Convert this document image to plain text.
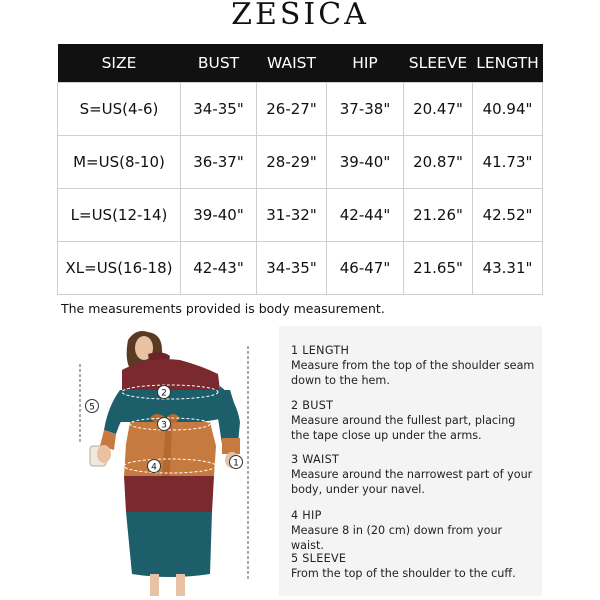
ZESICA
SIZE	BUST	WAIST	HIP	SLEEVE	LENGTH
S=US(4-6)	34-35"	26-27"	37-38"	20.47"	40.94"
M=US(8-10)	36-37"	28-29"	39-40"	20.87"	41.73"
L=US(12-14)	39-40"	31-32"	42-44"	21.26"	42.52"
XL=US(16-18)	42-43"	34-35"	46-47"	21.65"	43.31"
The measurements provided is body measurement.
5
2
3
4	1
1 LENGTH
Measure from the top of the shoulder seam down to the hem.
2 BUST
Measure around the fullest part, placing the tape close up under the arms.
3 WAIST
Measure around the narrowest part of your body, under your navel.
4 HIP
Measure 8 in (20 cm) down from your waist.
5 SLEEVE
From the top of the shoulder to the cuff.
